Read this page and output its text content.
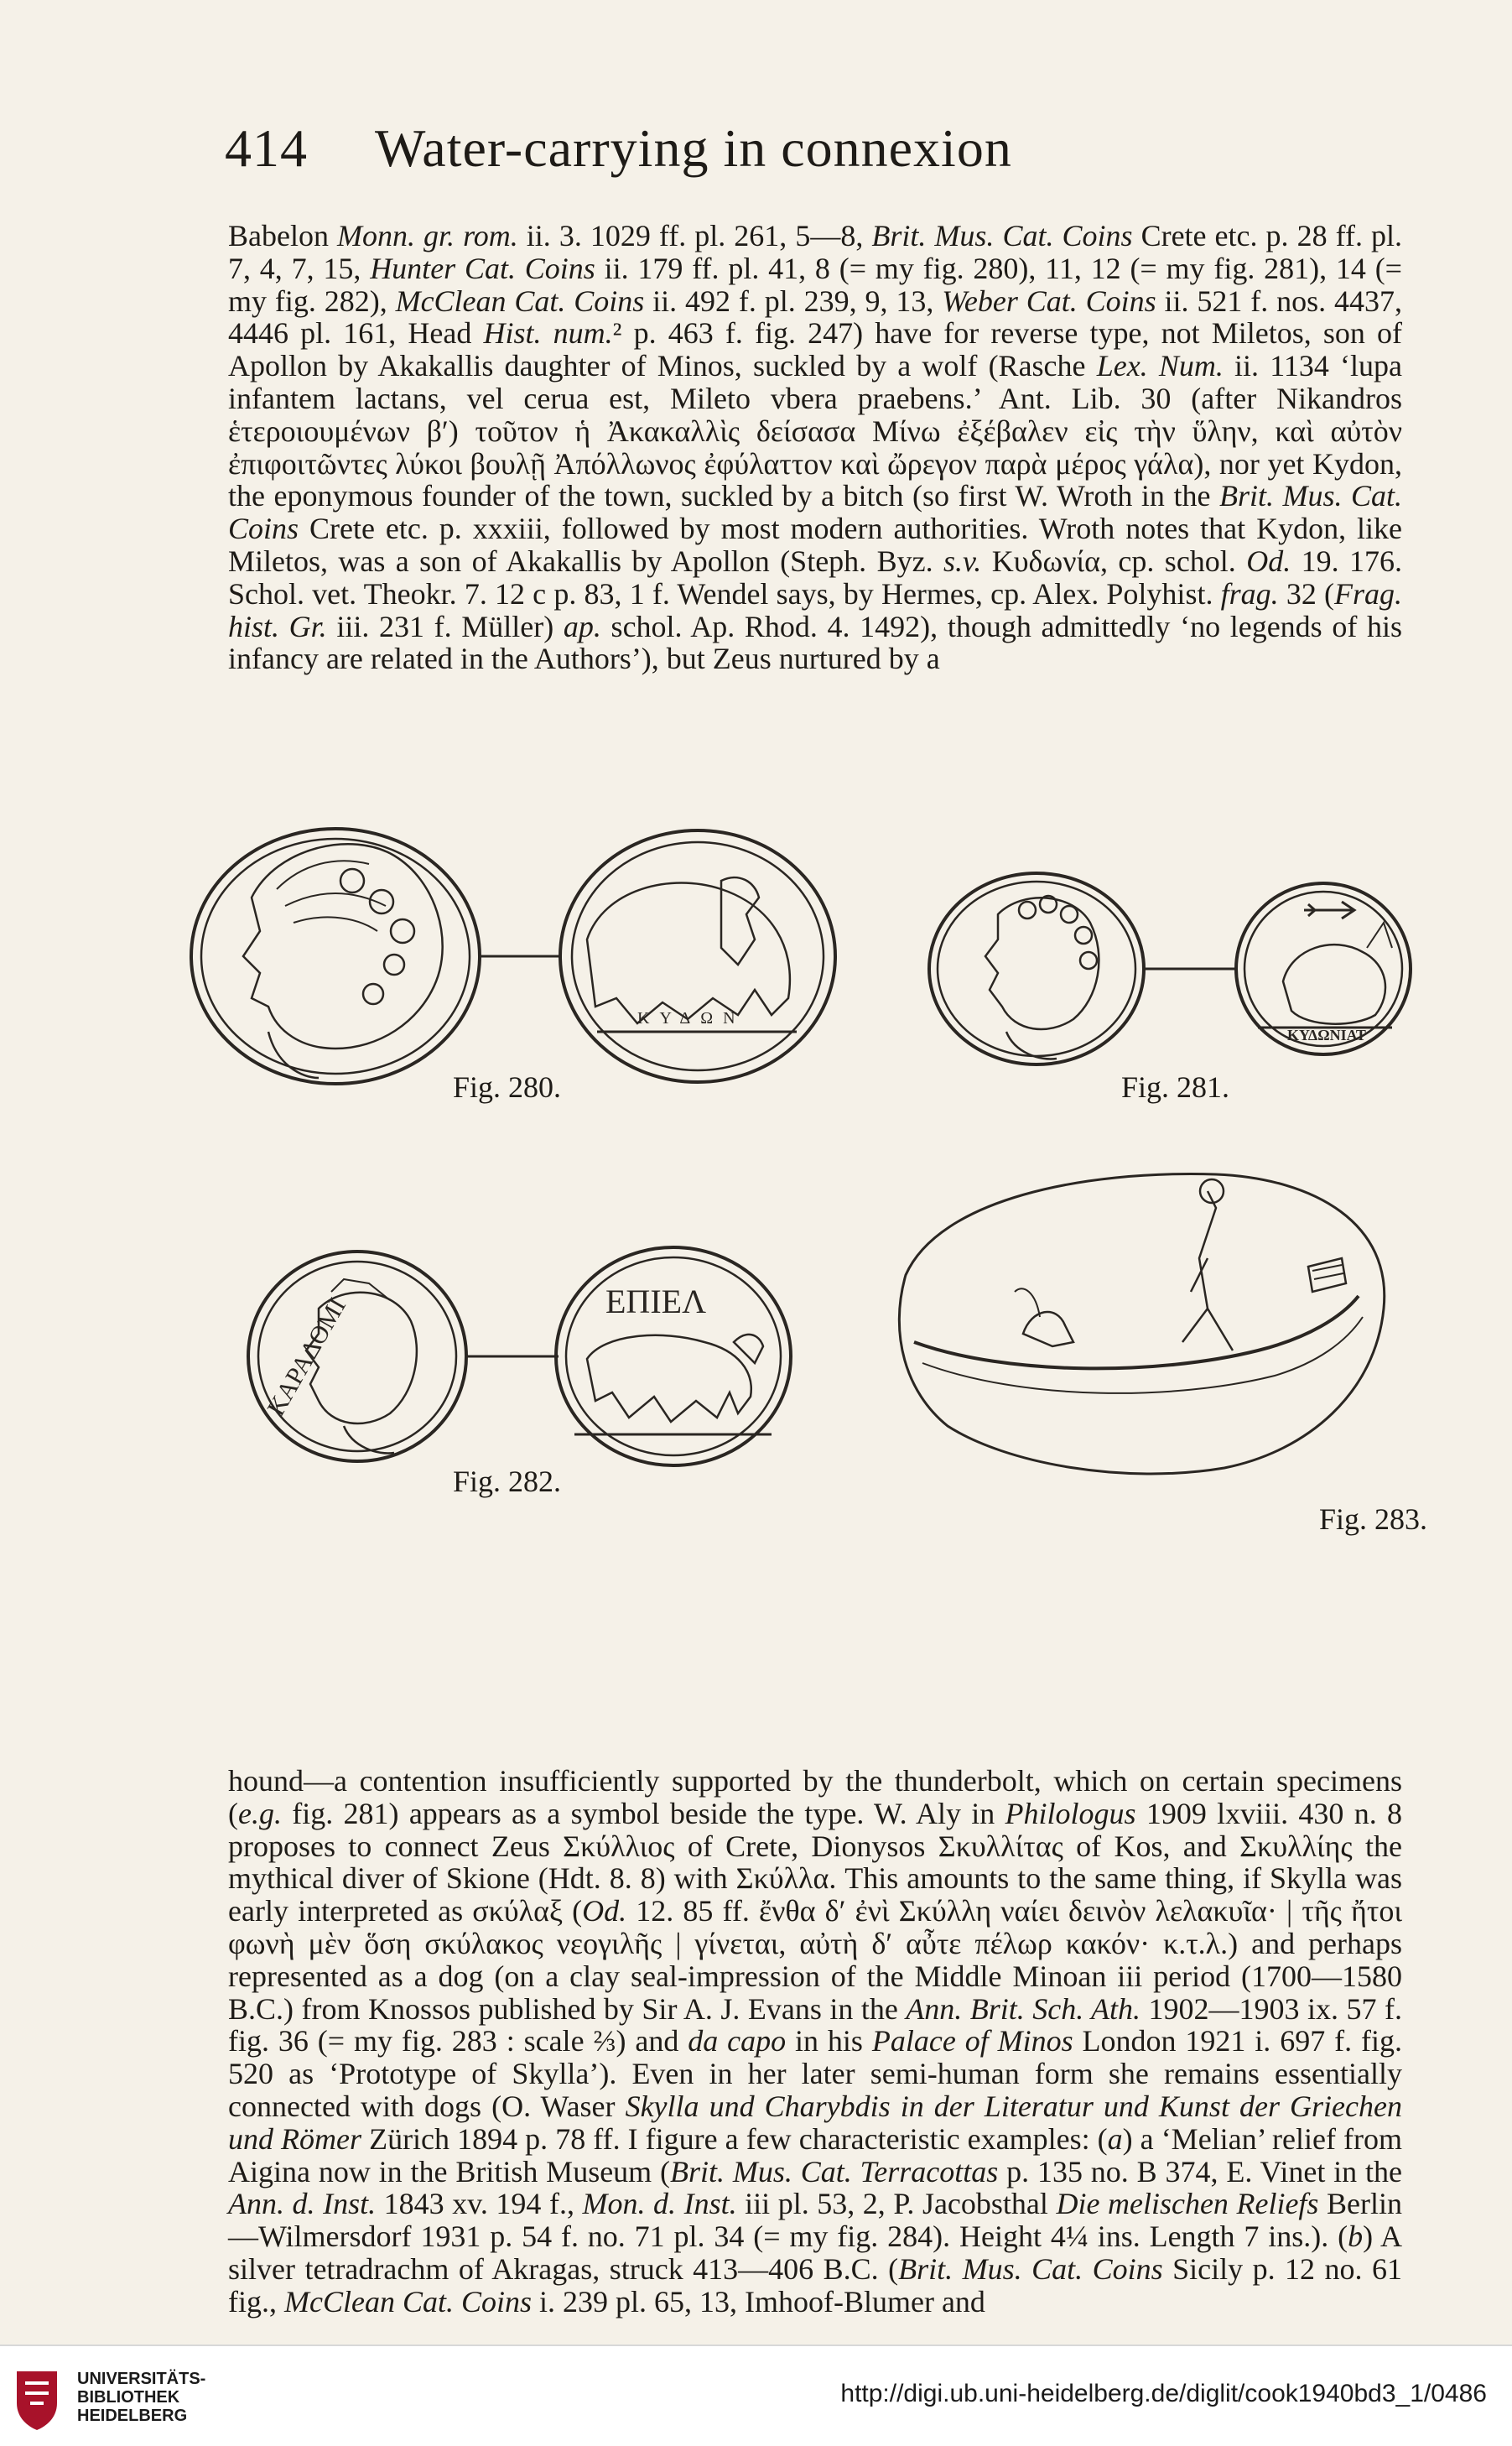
414 Water-carrying in connexion

Babelon Monn. gr. rom. ii. 3. 1029 ff. pl. 261, 5—8, Brit. Mus. Cat. Coins Crete etc. p. 28 ff. pl. 7, 4, 7, 15, Hunter Cat. Coins ii. 179 ff. pl. 41, 8 (= my fig. 280), 11, 12 (= my fig. 281), 14 (= my fig. 282), McClean Cat. Coins ii. 492 f. pl. 239, 9, 13, Weber Cat. Coins ii. 521 f. nos. 4437, 4446 pl. 161, Head Hist. num.² p. 463 f. fig. 247) have for reverse type, not Miletos, son of Apollon by Akakallis daughter of Minos, suckled by a wolf (Rasche Lex. Num. ii. 1134 ‘lupa infantem lactans, vel cerua est, Mileto vbera praebens.’ Ant. Lib. 30 (after Nikandros ἑτεροιουμένων β′) τοῦτον ἡ Ἀκακαλλὶς δείσασα Μίνω ἐξέβαλεν εἰς τὴν ὕλην, καὶ αὐτὸν ἐπιφοιτῶντες λύκοι βουλῇ Ἀπόλλωνος ἐφύλαττον καὶ ὤρεγον παρὰ μέρος γάλα), nor yet Kydon, the eponymous founder of the town, suckled by a bitch (so first W. Wroth in the Brit. Mus. Cat. Coins Crete etc. p. xxxiii, followed by most modern authorities. Wroth notes that Kydon, like Miletos, was a son of Akakallis by Apollon (Steph. Byz. s.v. Κυδωνία, cp. schol. Od. 19. 176. Schol. vet. Theokr. 7. 12 c p. 83, 1 f. Wendel says, by Hermes, cp. Alex. Polyhist. frag. 32 (Frag. hist. Gr. iii. 231 f. Müller) ap. schol. Ap. Rhod. 4. 1492), though admittedly ‘no legends of his infancy are related in the Authors’), but Zeus nurtured by a

ΚΥΔΩΝ
ΚΥΔΩΝΙΑΤ
ΚΑΡΑΔΟΜΙ	ΕΠΙΕΛ
Fig. 280.	Fig. 281.
Fig. 282.
Fig. 283.

hound—a contention insufficiently supported by the thunderbolt, which on certain specimens (e.g. fig. 281) appears as a symbol beside the type. W. Aly in Philologus 1909 lxviii. 430 n. 8 proposes to connect Zeus Σκύλλιος of Crete, Dionysos Σκυλλίτας of Kos, and Σκυλλίης the mythical diver of Skione (Hdt. 8. 8) with Σκύλλα. This amounts to the same thing, if Skylla was early interpreted as σκύλαξ (Od. 12. 85 ff. ἔνθα δ′ ἐνὶ Σκύλλη ναίει δεινὸν λελακυῖα· | τῆς ἤτοι φωνὴ μὲν ὅση σκύλακος νεογιλῆς | γίνεται, αὐτὴ δ′ αὖτε πέλωρ κακόν· κ.τ.λ.) and perhaps represented as a dog (on a clay seal-impression of the Middle Minoan iii period (1700—1580 B.C.) from Knossos published by Sir A. J. Evans in the Ann. Brit. Sch. Ath. 1902—1903 ix. 57 f. fig. 36 (= my fig. 283 : scale ⅔) and da capo in his Palace of Minos London 1921 i. 697 f. fig. 520 as ‘Prototype of Skylla’). Even in her later semi-human form she remains essentially connected with dogs (O. Waser Skylla und Charybdis in der Literatur und Kunst der Griechen und Römer Zürich 1894 p. 78 ff. I figure a few characteristic examples: (a) a ‘Melian’ relief from Aigina now in the British Museum (Brit. Mus. Cat. Terracottas p. 135 no. B 374, E. Vinet in the Ann. d. Inst. 1843 xv. 194 f., Mon. d. Inst. iii pl. 53, 2, P. Jacobsthal Die melischen Reliefs Berlin—Wilmersdorf 1931 p. 54 f. no. 71 pl. 34 (= my fig. 284). Height 4¼ ins. Length 7 ins.). (b) A silver tetradrachm of Akragas, struck 413—406 B.C. (Brit. Mus. Cat. Coins Sicily p. 12 no. 61 fig., McClean Cat. Coins i. 239 pl. 65, 13, Imhoof-Blumer and

UNIVERSITÄTS-
BIBLIOTHEK
HEIDELBERG
http://digi.ub.uni-heidelberg.de/diglit/cook1940bd3_1/0486
